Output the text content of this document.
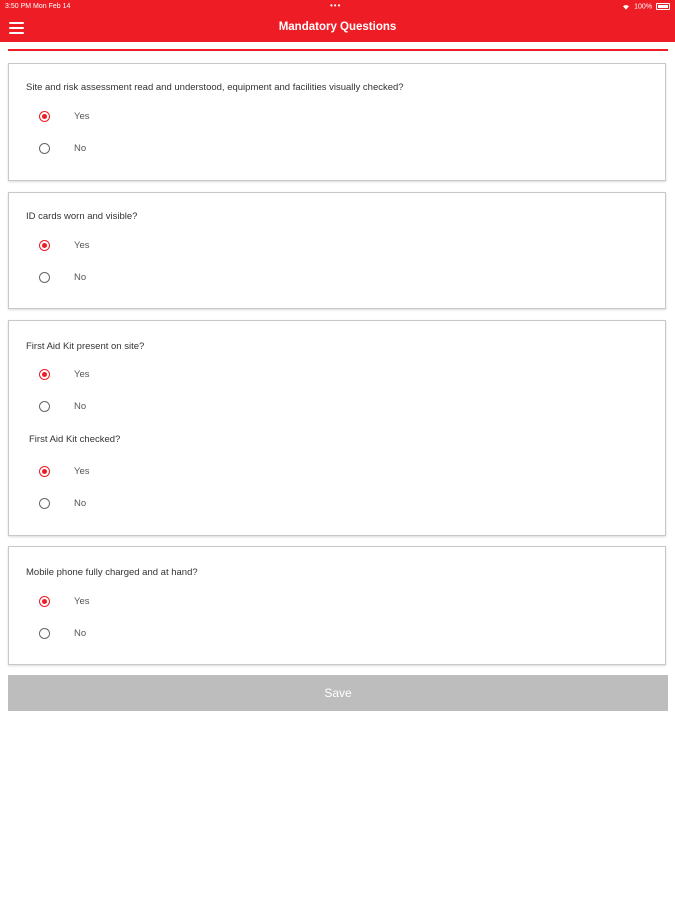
3:50 PM Mon Feb 14	•••	100%
Mandatory Questions
Site and risk assessment read and understood, equipment and facilities visually checked?
Yes
No
ID cards worn and visible?
Yes
No
First Aid Kit present on site?
Yes
No
First Aid Kit checked?
Yes
No
Mobile phone fully charged and at hand?
Yes
No
Save
